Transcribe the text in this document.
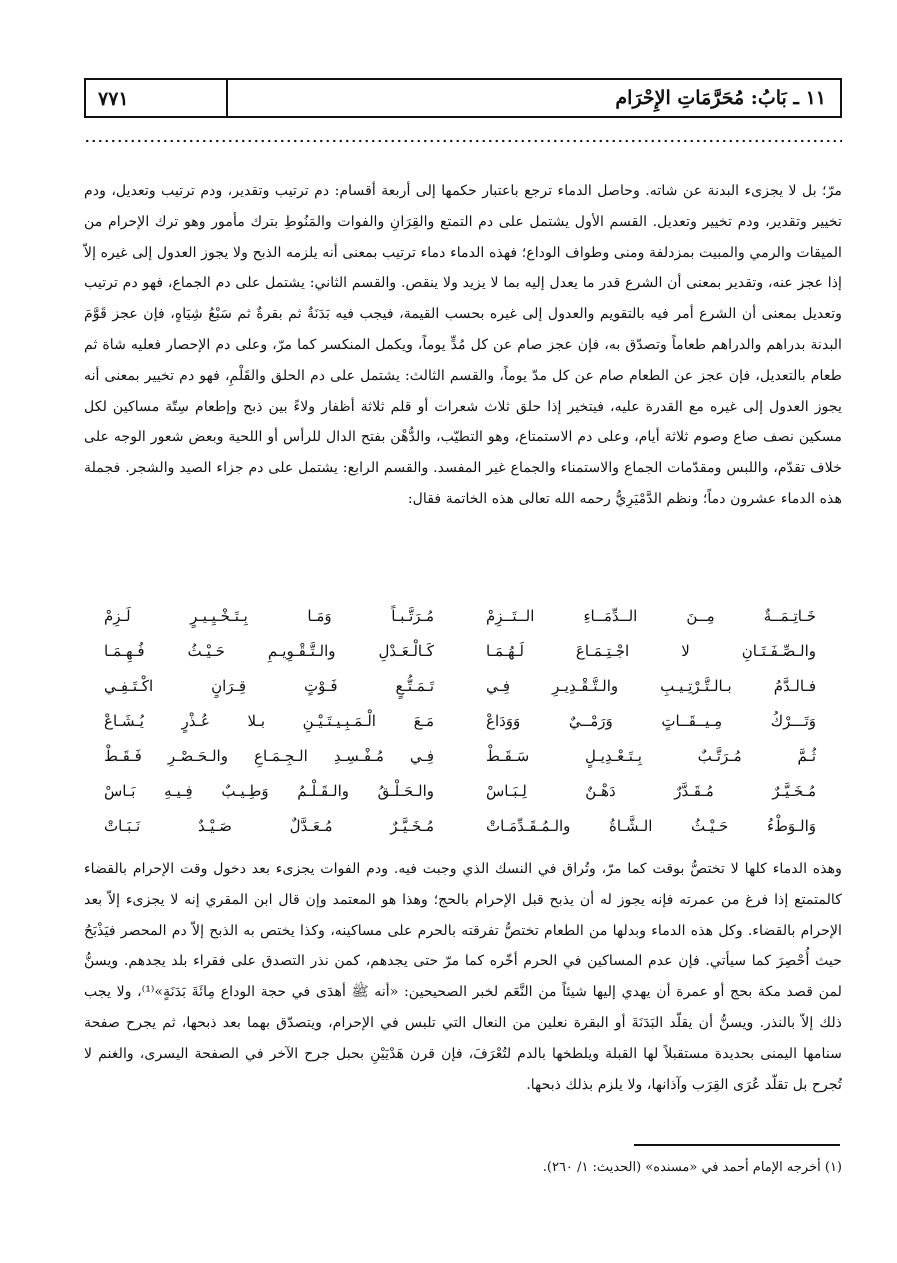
١١ ـ بَابُ: مُحَرَّمَاتِ الإِحْرَام
٧٧١

مرّ؛ بل لا يجزىء البدنة عن شاته. وحاصل الدماء ترجع باعتبار حكمها إلى أربعة أقسام: دم ترتيب وتقدير، ودم ترتيب وتعديل، ودم تخيير وتقدير، ودم تخيير وتعديل. القسم الأول يشتمل على دم التمتع والقِرَانِ والفوات والمَنُوطِ بترك مأمور وهو ترك الإحرام من الميقات والرمي والمبيت بمزدلفة ومنى وطواف الوداع؛ فهذه الدماء دماء ترتيب بمعنى أنه يلزمه الذبح ولا يجوز العدول إلى غيره إلاّ إذا عجز عنه، وتقدير بمعنى أن الشرع قدر ما يعدل إليه بما لا يزيد ولا ينقص. والقسم الثاني: يشتمل على دم الجماع، فهو دم ترتيب وتعديل بمعنى أن الشرع أمر فيه بالتقويم والعدول إلى غيره بحسب القيمة، فيجب فيه بَدَنَةٌ ثم بقرةٌ ثم سَبْعُ شِيَاهٍ، فإن عجز قَوَّمَ البدنة بدراهم والدراهم طعاماً وتصدّق به، فإن عجز صام عن كل مُدٍّ يوماً، ويكمل المنكسر كما مرّ، وعلى دم الإحصار فعليه شاة ثم طعام بالتعديل، فإن عجز عن الطعام صام عن كل مدّ يوماً، والقسم الثالث: يشتمل على دم الحلق والقَلْمِ، فهو دم تخيير بمعنى أنه يجوز العدول إلى غيره مع القدرة عليه، فيتخير إذا حلق ثلاث شعرات أو قلم ثلاثة أظفار ولاءً بين ذبح وإطعام سِتّة مساكين لكل مسكين نصف صاع وصوم ثلاثة أيام، وعلى دم الاستمتاع، وهو التطيّب، والدُّهْن بفتح الدال للرأس أو اللحية وبعض شعور الوجه على خلاف تقدّم، واللبس ومقدّمات الجماع والاستمناء والجماع غير المفسد. والقسم الرابع: يشتمل على دم جزاء الصيد والشجر. فجملة هذه الدماء عشرون دماً؛ ونظم الدَّمْيَرِيُّ رحمه الله تعالى هذه الخاتمة فقال:

خَـاتِـمَــةٌ مِــنَ الــدِّمَــاءِ الــتَــزِمْ
مُـرَتَّـبـاً وَمَـا بِـتَـخْـيِـيـرٍ لَـزِمْ
والـصِّـفَـتَـانِ لا اجْـتِـمَـاعَ لَـهُـمَـا
كَـالْـعَـدْلِ والـتَّـقْـوِيـمِ حَـيْـثُ فُـهِـمَـا
فـالـدَّمُ بـالـتَّـرْتِـيـبِ والـتَّـقْـدِيـرِ فِـي
تَـمَـتُّـعٍ فَـوْتٍ قِـرَانٍ اكْـتَـفِـي
وَتَـــرْكُ مِـيــقَــاتٍ وَرَمْــيٌ وَوَدَاعْ
مَـعَ الْـمَـبِـيـتَـيْـنِ بـلا عُـذْرٍ يُـشَـاعْ
ثُـمَّ مُـرَتَّـبٌ بِـتَـعْـدِيـلٍ سَـقَـطْ
فِـي مُـفْـسِـدِ الـجِـمَـاعِ والـحَـصْـرِ فَـقَـطْ
مُـخَـيَّـرٌ مُـقَـدَّرٌ دَهْـنٌ لِـبَـاسْ
والـحَـلْـقُ والـقَـلْـمُ وَطِـيـبٌ فِـيـهِ بَـاسْ
وَالـوَطْءُ حَـيْـثُ الـشَّـاةُ والـمُـقَـدِّمَـاتْ
مُـخَـيَّـرٌ مُـعَـدَّلٌ صَـيْـدٌ نَـبَـاتْ

وهذه الدماء كلها لا تختصُّ بوقت كما مرّ، وتُراق في النسك الذي وجبت فيه. ودم الفوات يجزىء بعد دخول وقت الإحرام بالقضاء كالمتمتع إذا فرغ من عمرته فإنه يجوز له أن يذبح قبل الإحرام بالحج؛ وهذا هو المعتمد وإن قال ابن المقري إنه لا يجزىء إلاّ بعد الإحرام بالقضاء. وكل هذه الدماء وبدلها من الطعام تختصُّ تفرقته بالحرم على مساكينه، وكذا يختص به الذبح إلاّ دم المحصر فيَذْبَحُ حيث أُحْصِرَ كما سيأتي. فإن عدم المساكين في الحرم أخّره كما مرّ حتى يجدهم، كمن نذر التصدق على فقراء بلد يجدهم. ويسنُّ لمن قصد مكة بحج أو عمرة أن يهدي إليها شيئاً من النَّعَم لخبر الصحيحين: «أنه ﷺ أهدَى في حجة الوداع مِائَةَ بَدَنَةٍ»⁽¹⁾، ولا يجب ذلك إلاّ بالنذر. ويسنُّ أن يقلّد البَدَنَةَ أو البقرة نعلين من النعال التي تلبس في الإحرام، ويتصدّق بهما بعد ذبحها، ثم يجرح صفحة سنامها اليمنى بحديدة مستقبلاً لها القبلة ويلطخها بالدم لتُعْرَفَ، فإن قرن هَدْيَيْنِ بحبل جرح الآخر في الصفحة اليسرى، والغنم لا تُجرح بل تقلّد عُرَى القِرَب وآذانها، ولا يلزم بذلك ذبحها.

(١) أخرجه الإمام أحمد في «مسنده» (الحديث: ١/ ٢٦٠).
